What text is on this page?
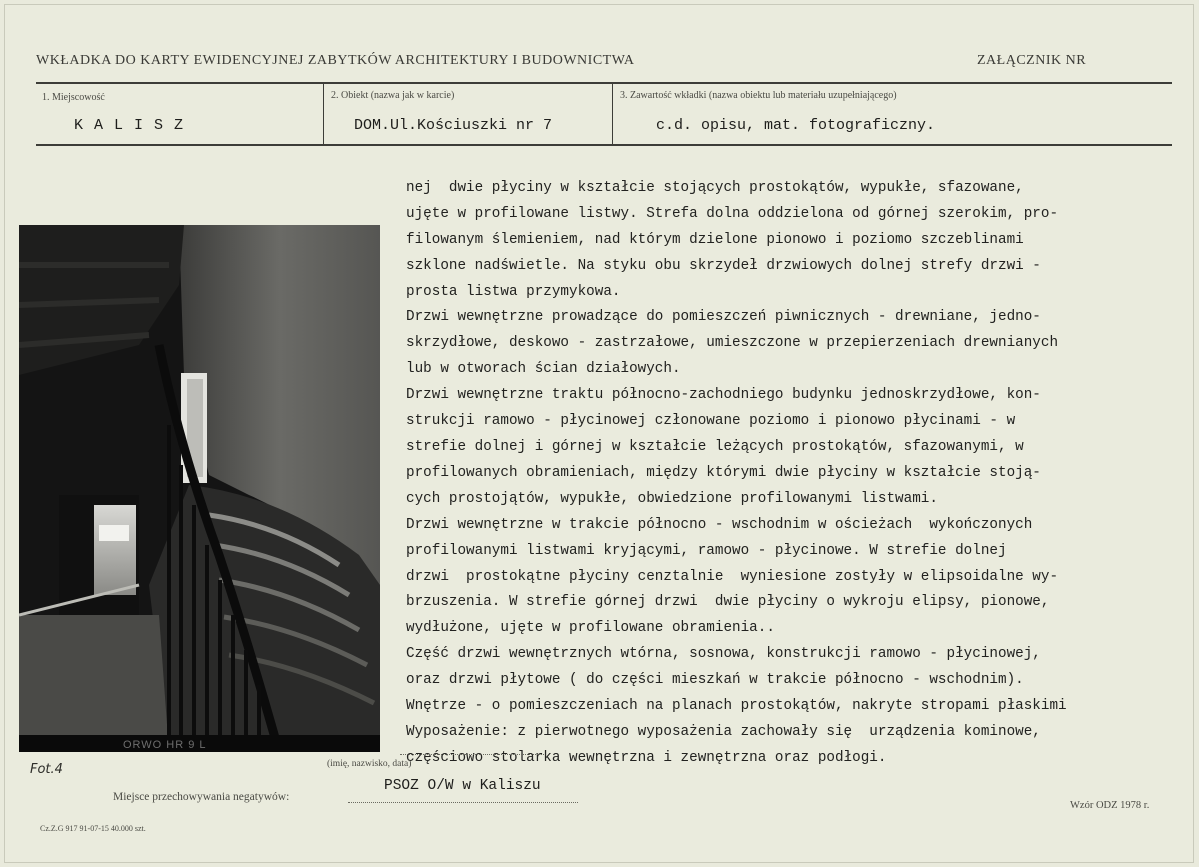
WKŁADKA DO KARTY EWIDENCYJNEJ ZABYTKÓW ARCHITEKTURY I BUDOWNICTWA	ZAŁĄCZNIK NR
1. Miejscowość	2. Obiekt (nazwa jak w karcie)	3. Zawartość wkładki (nazwa obiektu lub materiału uzupełniającego)
K A L I S Z	DOM.Ul.Kościuszki nr 7	c.d. opisu, mat. fotograficzny.
ORWO HR 9 L
Fot.4

nej  dwie płyciny w kształcie stojących prostokątów, wypukłe, sfazowane,
ujęte w profilowane listwy. Strefa dolna oddzielona od górnej szerokim, pro-
filowanym ślemieniem, nad którym dzielone pionowo i poziomo szczeblinami
szklone nadświetle. Na styku obu skrzydeł drzwiowych dolnej strefy drzwi -
prosta listwa przymykowa.
Drzwi wewnętrzne prowadzące do pomieszczeń piwnicznych - drewniane, jedno-
skrzydłowe, deskowo - zastrzałowe, umieszczone w przepierzeniach drewnianych
lub w otworach ścian działowych.
Drzwi wewnętrzne traktu północno-zachodniego budynku jednoskrzydłowe, kon-
strukcji ramowo - płycinowej członowane poziomo i pionowo płycinami - w
strefie dolnej i górnej w kształcie leżących prostokątów, sfazowanymi, w
profilowanych obramieniach, między którymi dwie płyciny w kształcie stoją-
cych prostojątów, wypukłe, obwiedzione profilowanymi listwami.
Drzwi wewnętrzne w trakcie północno - wschodnim w ościeżach  wykończonych
profilowanymi listwami kryjącymi, ramowo - płycinowe. W strefie dolnej
drzwi  prostokątne płyciny cenztalnie  wyniesione zostyły w elipsoidalne wy-
brzuszenia. W strefie górnej drzwi  dwie płyciny o wykroju elipsy, pionowe,
wydłużone, ujęte w profilowane obramienia..
Część drzwi wewnętrznych wtórna, sosnowa, konstrukcji ramowo - płycinowej,
oraz drzwi płytowe ( do części mieszkań w trakcie północno - wschodnim).
Wnętrze - o pomieszczeniach na planach prostokątów, nakryte stropami płaskimi
Wyposażenie: z pierwotnego wyposażenia zachowały się  urządzenia kominowe,
częściowo stolarka wewnętrzna i zewnętrzna oraz podłogi.

(imię, nazwisko, data)
Miejsce przechowywania negatywów:
PSOZ O/W w Kaliszu
Wzór ODZ 1978 r.
Cz.Z.G 917 91-07-15 40.000 szt.
